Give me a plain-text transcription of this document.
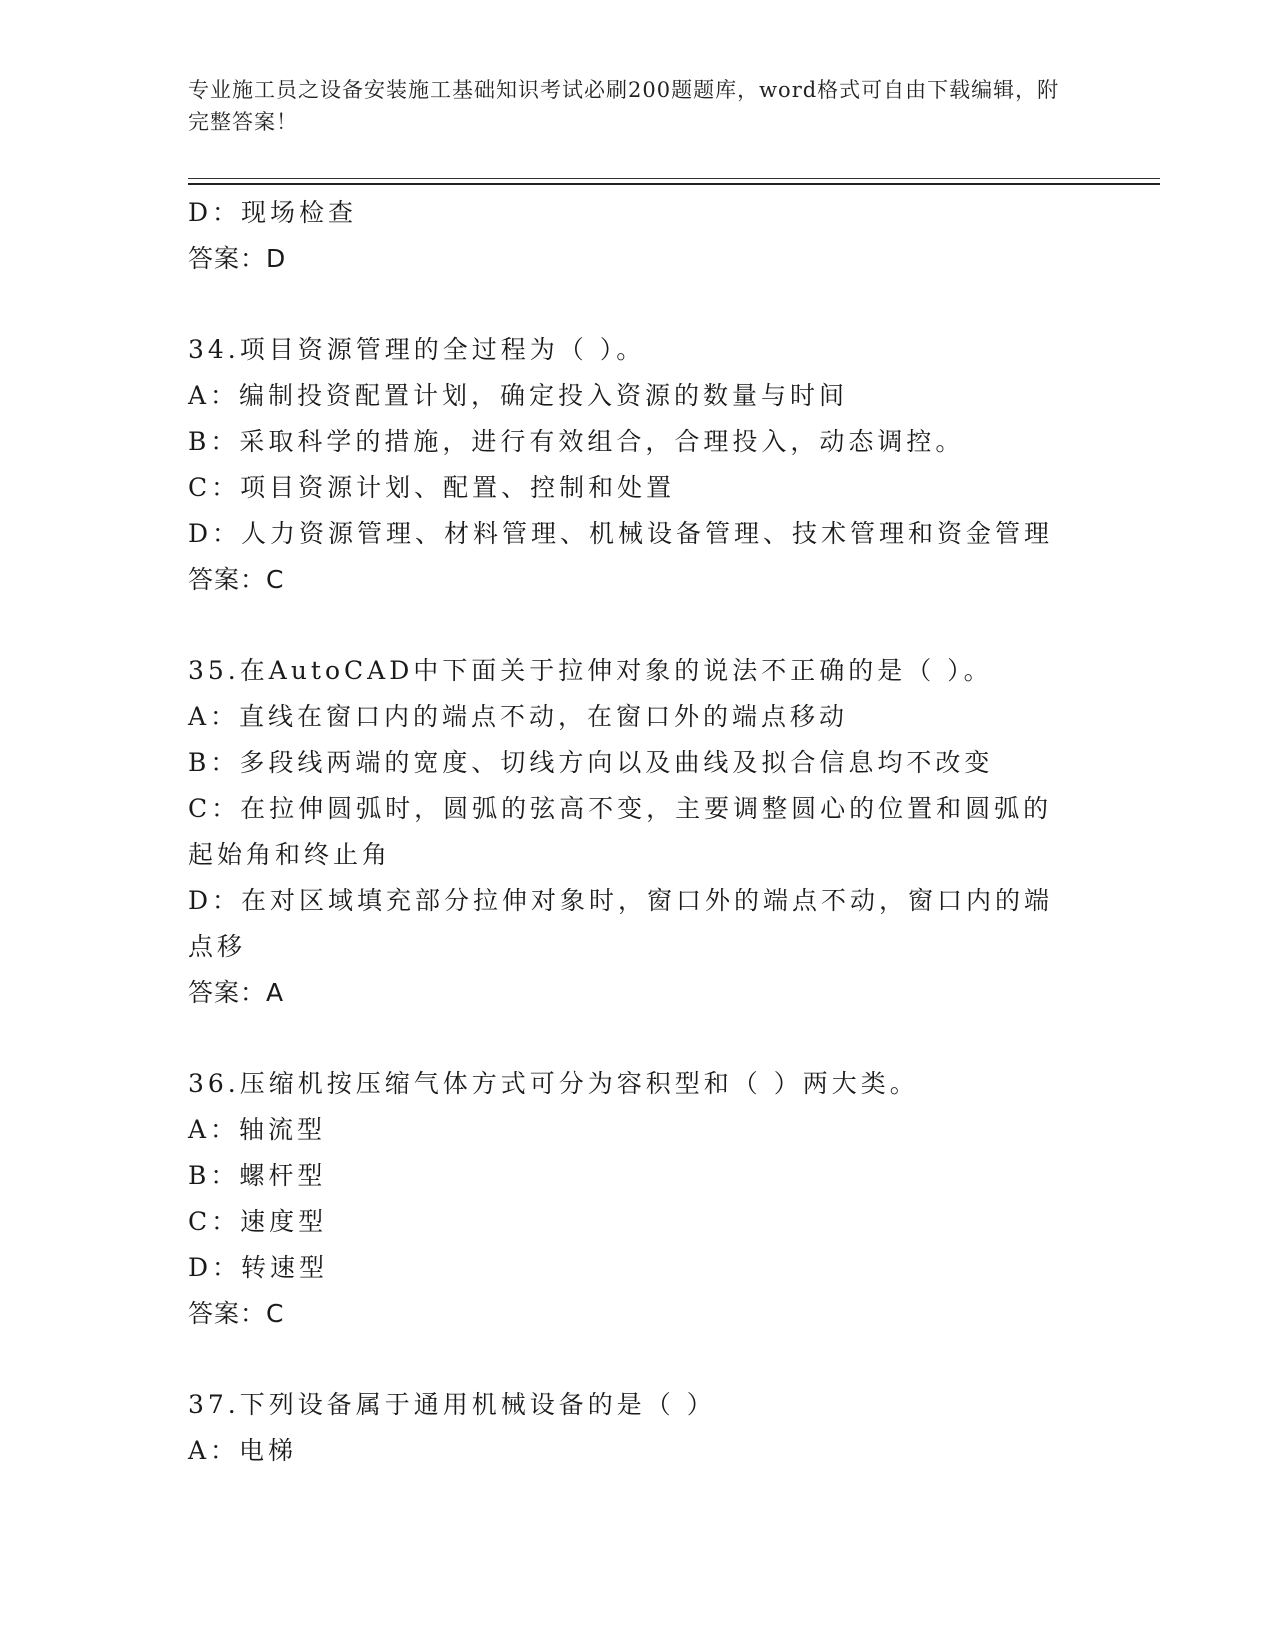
专业施工员之设备安装施工基础知识考试必刷200题题库，word格式可自由下载编辑，附完整答案！
D：现场检查
答案：D
34.项目资源管理的全过程为（ ）。
A：编制投资配置计划，确定投入资源的数量与时间
B：采取科学的措施，进行有效组合，合理投入，动态调控。
C：项目资源计划、配置、控制和处置
D：人力资源管理、材料管理、机械设备管理、技术管理和资金管理
答案：C
35.在AutoCAD中下面关于拉伸对象的说法不正确的是（ ）。
A：直线在窗口内的端点不动，在窗口外的端点移动
B：多段线两端的宽度、切线方向以及曲线及拟合信息均不改变
C：在拉伸圆弧时，圆弧的弦高不变，主要调整圆心的位置和圆弧的起始角和终止角
D：在对区域填充部分拉伸对象时，窗口外的端点不动，窗口内的端点移
答案：A
36.压缩机按压缩气体方式可分为容积型和（ ）两大类。
A：轴流型
B：螺杆型
C：速度型
D：转速型
答案：C
37.下列设备属于通用机械设备的是（ ）
A：电梯
